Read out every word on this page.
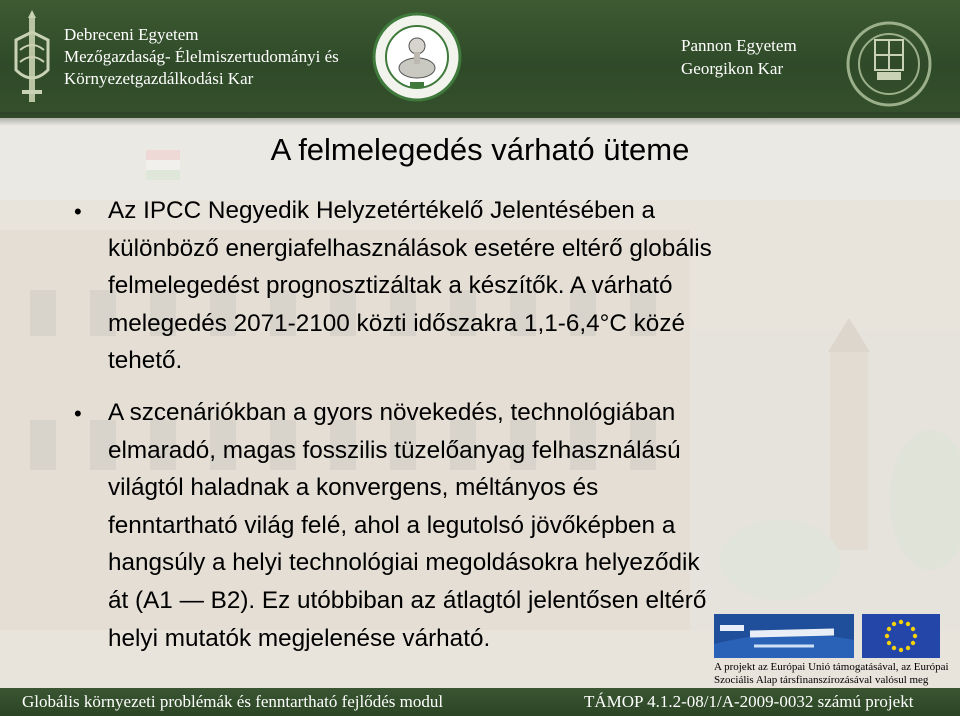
Debreceni Egyetem
Mezőgazdaság- Élelmiszertudományi és
Környezetgazdálkodási Kar
Pannon Egyetem
Georgikon Kar
A felmelegedés várható üteme
• Az IPCC Negyedik Helyzetértékelő Jelentésében a
különböző energiafelhasználások esetére eltérő globális
felmelegedést prognosztizáltak a készítők. A várható
melegedés 2071-2100 közti időszakra 1,1-6,4°C közé
tehető.
• A szcenáriókban a gyors növekedés, technológiában
elmaradó, magas fosszilis tüzelőanyag felhasználású
világtól haladnak a konvergens, méltányos és
fenntartható világ felé, ahol a legutolsó jövőképben a
hangsúly a helyi technológiai megoldásokra helyeződik
át (A1 — B2). Ez utóbbiban az átlagtól jelentősen eltérő
helyi mutatók megjelenése várható.
A projekt az Európai Unió támogatásával, az Európai
Szociális Alap társfinanszírozásával valósul meg
Globális környezeti problémák és fenntartható fejlődés modul	TÁMOP 4.1.2-08/1/A-2009-0032 számú projekt
